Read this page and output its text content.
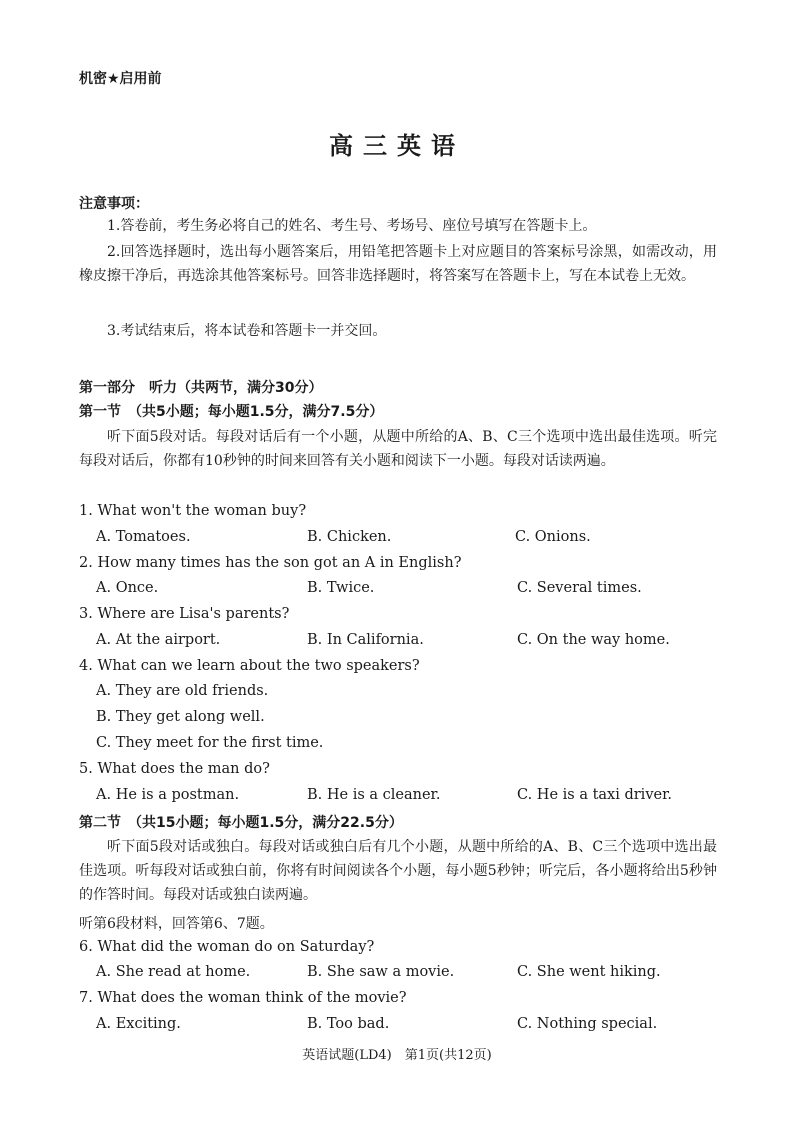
机密★启用前
高三英语
注意事项：
1.答卷前，考生务必将自己的姓名、考生号、考场号、座位号填写在答题卡上。
2.回答选择题时，选出每小题答案后，用铅笔把答题卡上对应题目的答案标号涂黑，如需改动，用橡皮擦干净后，再选涂其他答案标号。回答非选择题时，将答案写在答题卡上，写在本试卷上无效。
3.考试结束后，将本试卷和答题卡一并交回。
第一部分　听力（共两节，满分30分）
第一节　（共5小题；每小题1.5分，满分7.5分）
听下面5段对话。每段对话后有一个小题，从题中所给的A、B、C三个选项中选出最佳选项。听完每段对话后，你都有10秒钟的时间来回答有关小题和阅读下一小题。每段对话读两遍。
1. What won't the woman buy?
A. Tomatoes.	B. Chicken.	C. Onions.
2. How many times has the son got an A in English?
A. Once.	B. Twice.	C. Several times.
3. Where are Lisa's parents?
A. At the airport.	B. In California.	C. On the way home.
4. What can we learn about the two speakers?
A. They are old friends.
B. They get along well.
C. They meet for the first time.
5. What does the man do?
A. He is a postman.	B. He is a cleaner.	C. He is a taxi driver.
第二节　（共15小题；每小题1.5分，满分22.5分）
听下面5段对话或独白。每段对话或独白后有几个小题，从题中所给的A、B、C三个选项中选出最佳选项。听每段对话或独白前，你将有时间阅读各个小题，每小题5秒钟；听完后，各小题将给出5秒钟的作答时间。每段对话或独白读两遍。
听第6段材料，回答第6、7题。
6. What did the woman do on Saturday?
A. She read at home.	B. She saw a movie.	C. She went hiking.
7. What does the woman think of the movie?
A. Exciting.	B. Too bad.	C. Nothing special.
英语试题(LD4)　第1页(共12页)
